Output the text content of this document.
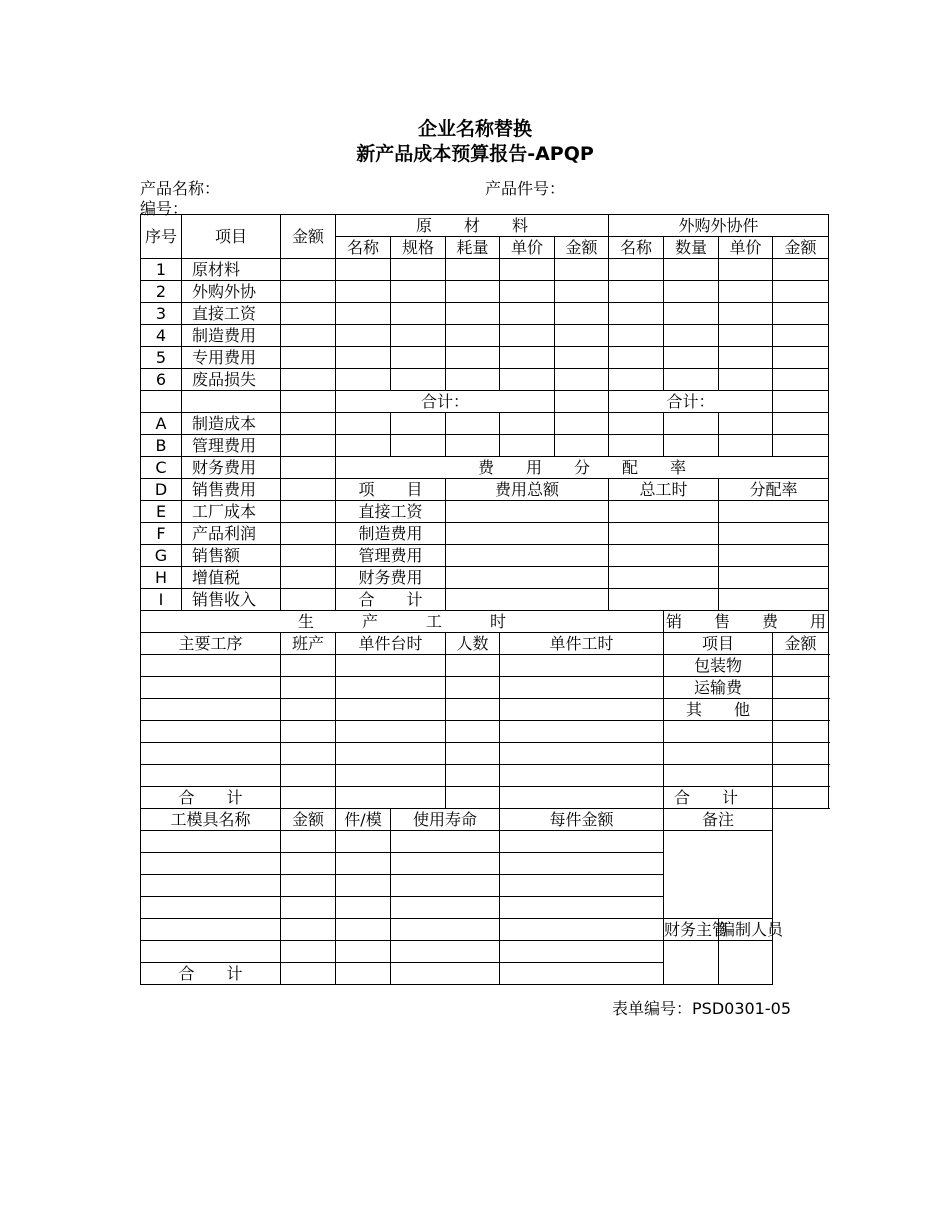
企业名称替换
新产品成本预算报告-APQP
产品名称：	产品件号：
编号：
序号	项目	金额	原　　材　　料					外购外协件			
			名称	规格	耗量	单价	金额	名称	数量	单价	金额
1	原材料										
2	外购外协										
3	直接工资										
4	制造费用										
5	专用费用										
6	废品损失										
			合计：					合计：			
A	制造成本										
B	管理费用										
C	财务费用		费　　用　　分　　配　　率								
D	销售费用		项　　目		费用总额			总工时		分配率	
E	工厂成本		直接工资								
F	产品利润		制造费用								
G	销售额		管理费用								
H	增值税		财务费用								
I	销售收入		合　　计								
生　　　产　　　工　　　时									销　　售　　费　　用		
主要工序		班产	单件台时		人数	单件工时			项目		金额
									包装物		
									运输费		
									其　　他		

合　　计									合　　计		
工模具名称		金额	件/模	使用寿命		每件金额			备注		

									财务主管	编制人员	

合　　计											
表单编号：PSD0301-05
